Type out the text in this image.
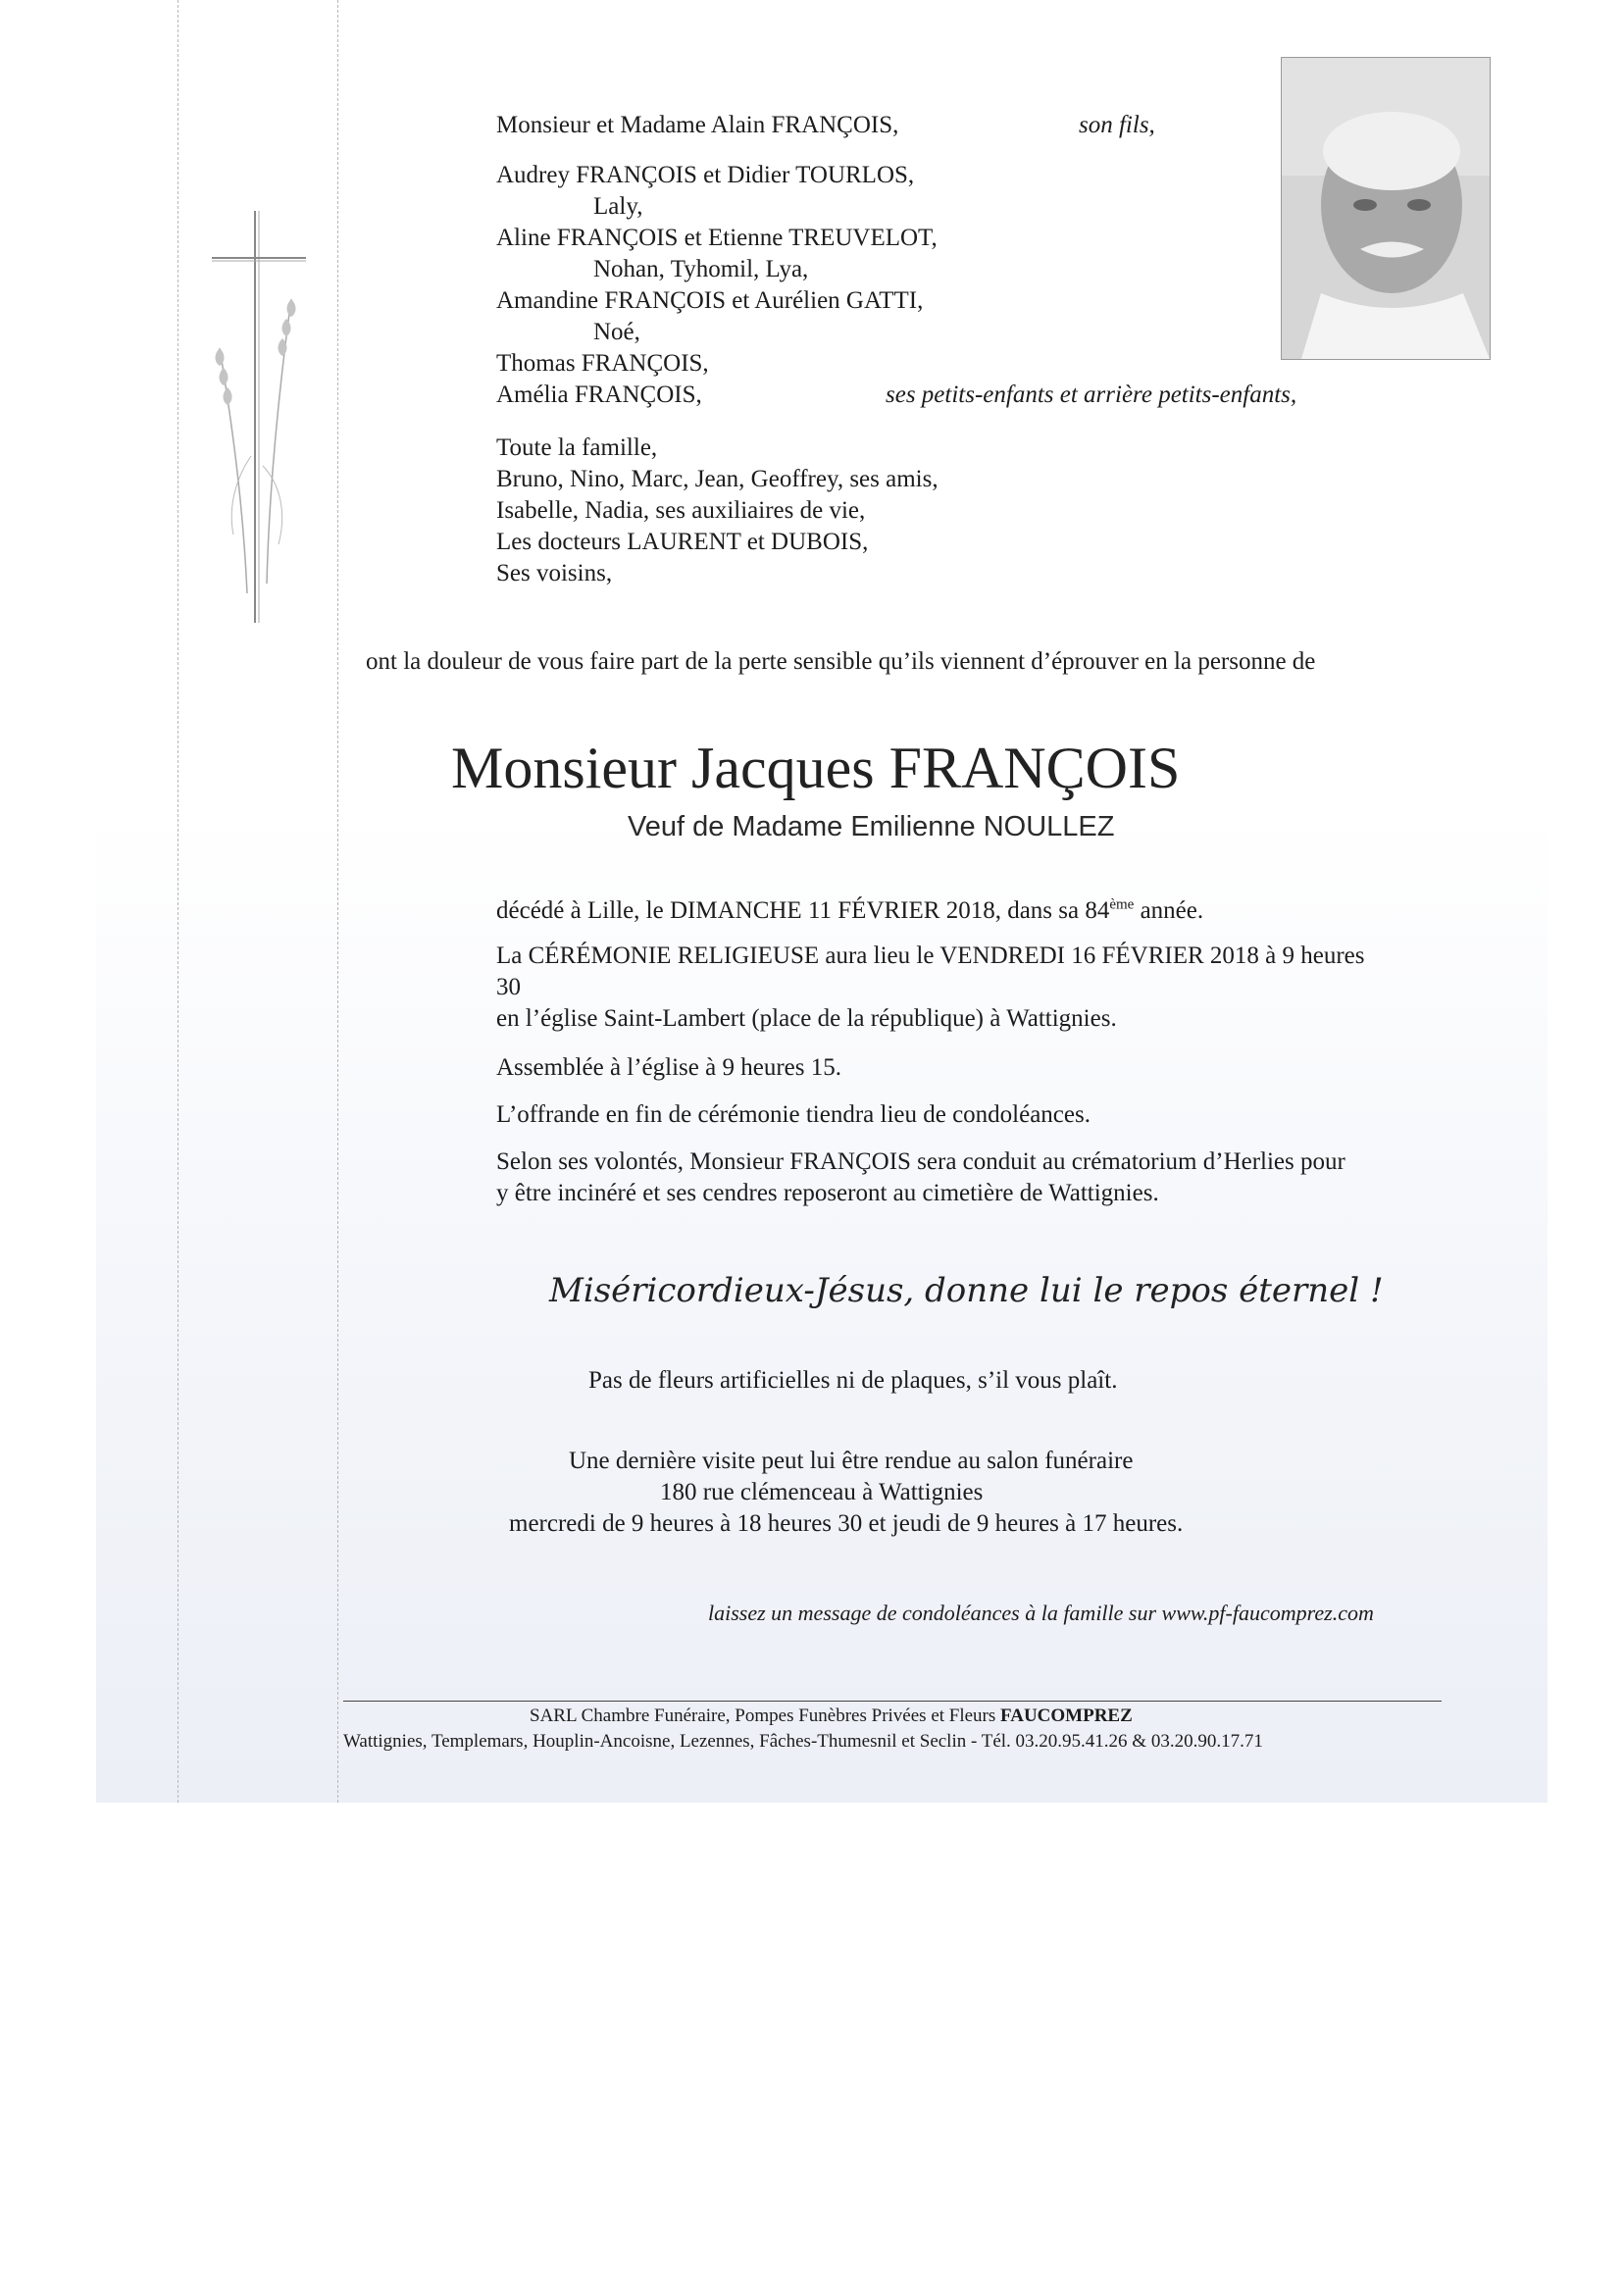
Monsieur et Madame Alain FRANÇOIS,	son fils,
Audrey FRANÇOIS et Didier TOURLOS,
Laly,
Aline FRANÇOIS et Etienne TREUVELOT,
Nohan, Tyhomil, Lya,
Amandine FRANÇOIS et Aurélien GATTI,
Noé,
Thomas FRANÇOIS,
Amélia FRANÇOIS,	ses petits-enfants et arrière petits-enfants,
Toute la famille,
Bruno, Nino, Marc, Jean, Geoffrey, ses amis,
Isabelle, Nadia, ses auxiliaires de vie,
Les docteurs LAURENT et DUBOIS,
Ses voisins,
ont la douleur de vous faire part de la perte sensible qu’ils viennent d’éprouver en la personne de
Monsieur Jacques FRANÇOIS
Veuf de Madame Emilienne NOULLEZ
décédé à Lille, le DIMANCHE 11 FÉVRIER 2018, dans sa 84ème année.
La CÉRÉMONIE RELIGIEUSE aura lieu le VENDREDI 16 FÉVRIER 2018 à 9 heures
30
en l’église Saint-Lambert (place de la république) à Wattignies.
Assemblée à l’église à 9 heures 15.
L’offrande en fin de cérémonie tiendra lieu de condoléances.
Selon ses volontés, Monsieur FRANÇOIS sera conduit au crématorium d’Herlies pour
y être incinéré et ses cendres reposeront au cimetière de Wattignies.
Miséricordieux-Jésus, donne lui le repos éternel !
Pas de fleurs artificielles ni de plaques, s’il vous plaît.
Une dernière visite peut lui être rendue au salon funéraire
180 rue clémenceau à Wattignies
mercredi de 9 heures à 18 heures 30 et jeudi de 9 heures à 17 heures.
laissez un message de condoléances à la famille sur www.pf-faucomprez.com
SARL Chambre Funéraire, Pompes Funèbres Privées et Fleurs FAUCOMPREZ
Wattignies, Templemars, Houplin-Ancoisne, Lezennes, Fâches-Thumesnil et Seclin - Tél. 03.20.95.41.26 & 03.20.90.17.71
